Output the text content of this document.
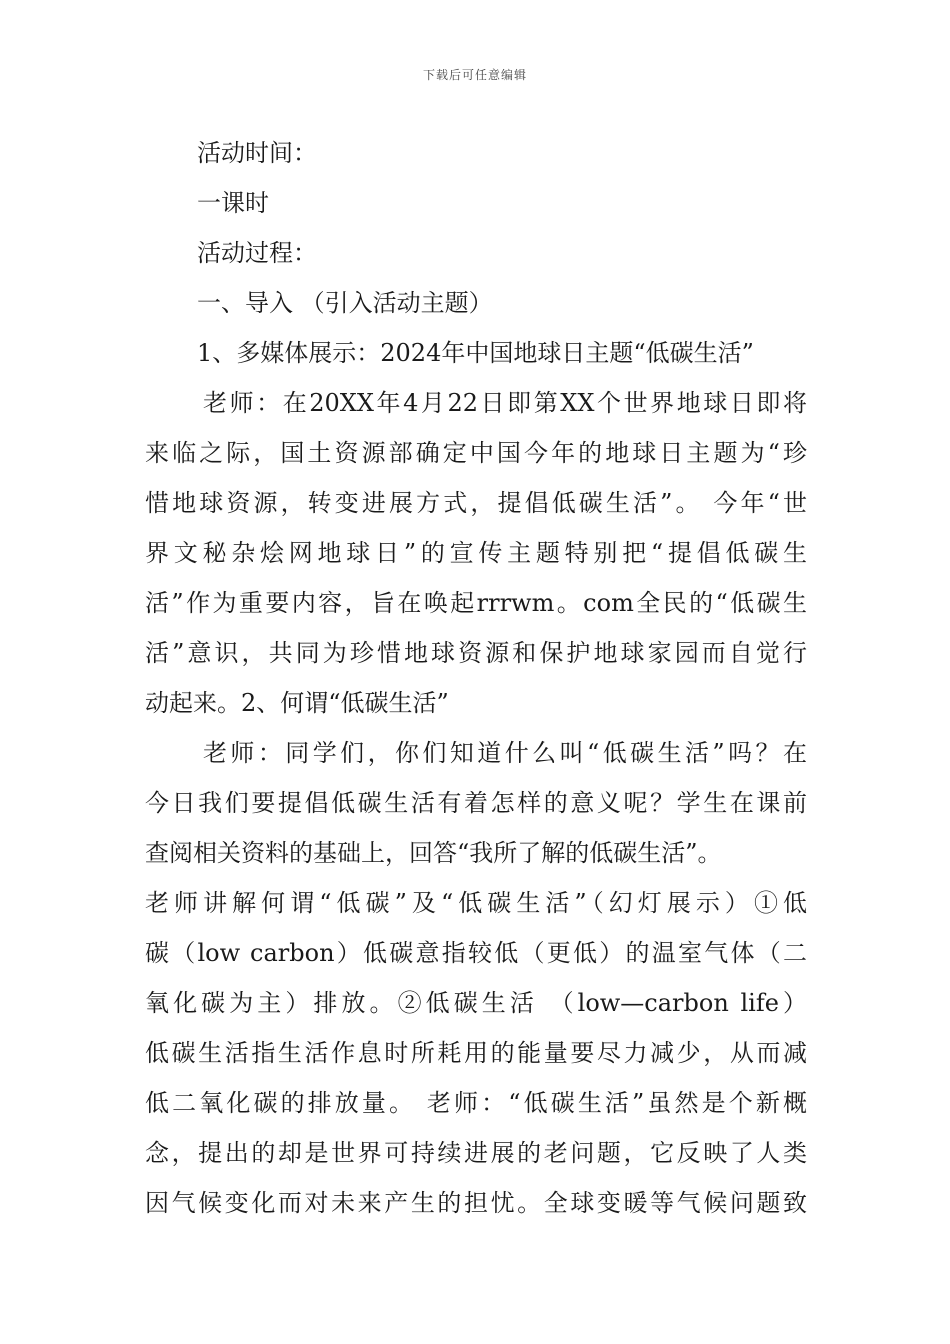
下载后可任意编辑
活动时间：
一课时
活动过程：
一、导入 （引入活动主题）
1、多媒体展示：2024年中国地球日主题“低碳生活”
老师：在20XX年4月22日即第XX个世界地球日即将
来临之际，国土资源部确定中国今年的地球日主题为“珍
惜地球资源，转变进展方式，提倡低碳生活”。 今年“世
界文秘杂烩网地球日”的宣传主题特别把“提倡低碳生
活”作为重要内容，旨在唤起rrrwm。com全民的“低碳生
活”意识，共同为珍惜地球资源和保护地球家园而自觉行
动起来。2、何谓“低碳生活”
老师：同学们，你们知道什么叫“低碳生活”吗？在
今日我们要提倡低碳生活有着怎样的意义呢？学生在课前
查阅相关资料的基础上，回答“我所了解的低碳生活”。
老师讲解何谓“低碳”及“低碳生活”（幻灯展示）①低
碳（low carbon）低碳意指较低（更低）的温室气体（二
氧化碳为主）排放。②低碳生活 （low—carbon life）
低碳生活指生活作息时所耗用的能量要尽力减少，从而减
低二氧化碳的排放量。 老师：“低碳生活”虽然是个新概
念，提出的却是世界可持续进展的老问题，它反映了人类
因气候变化而对未来产生的担忧。全球变暖等气候问题致
